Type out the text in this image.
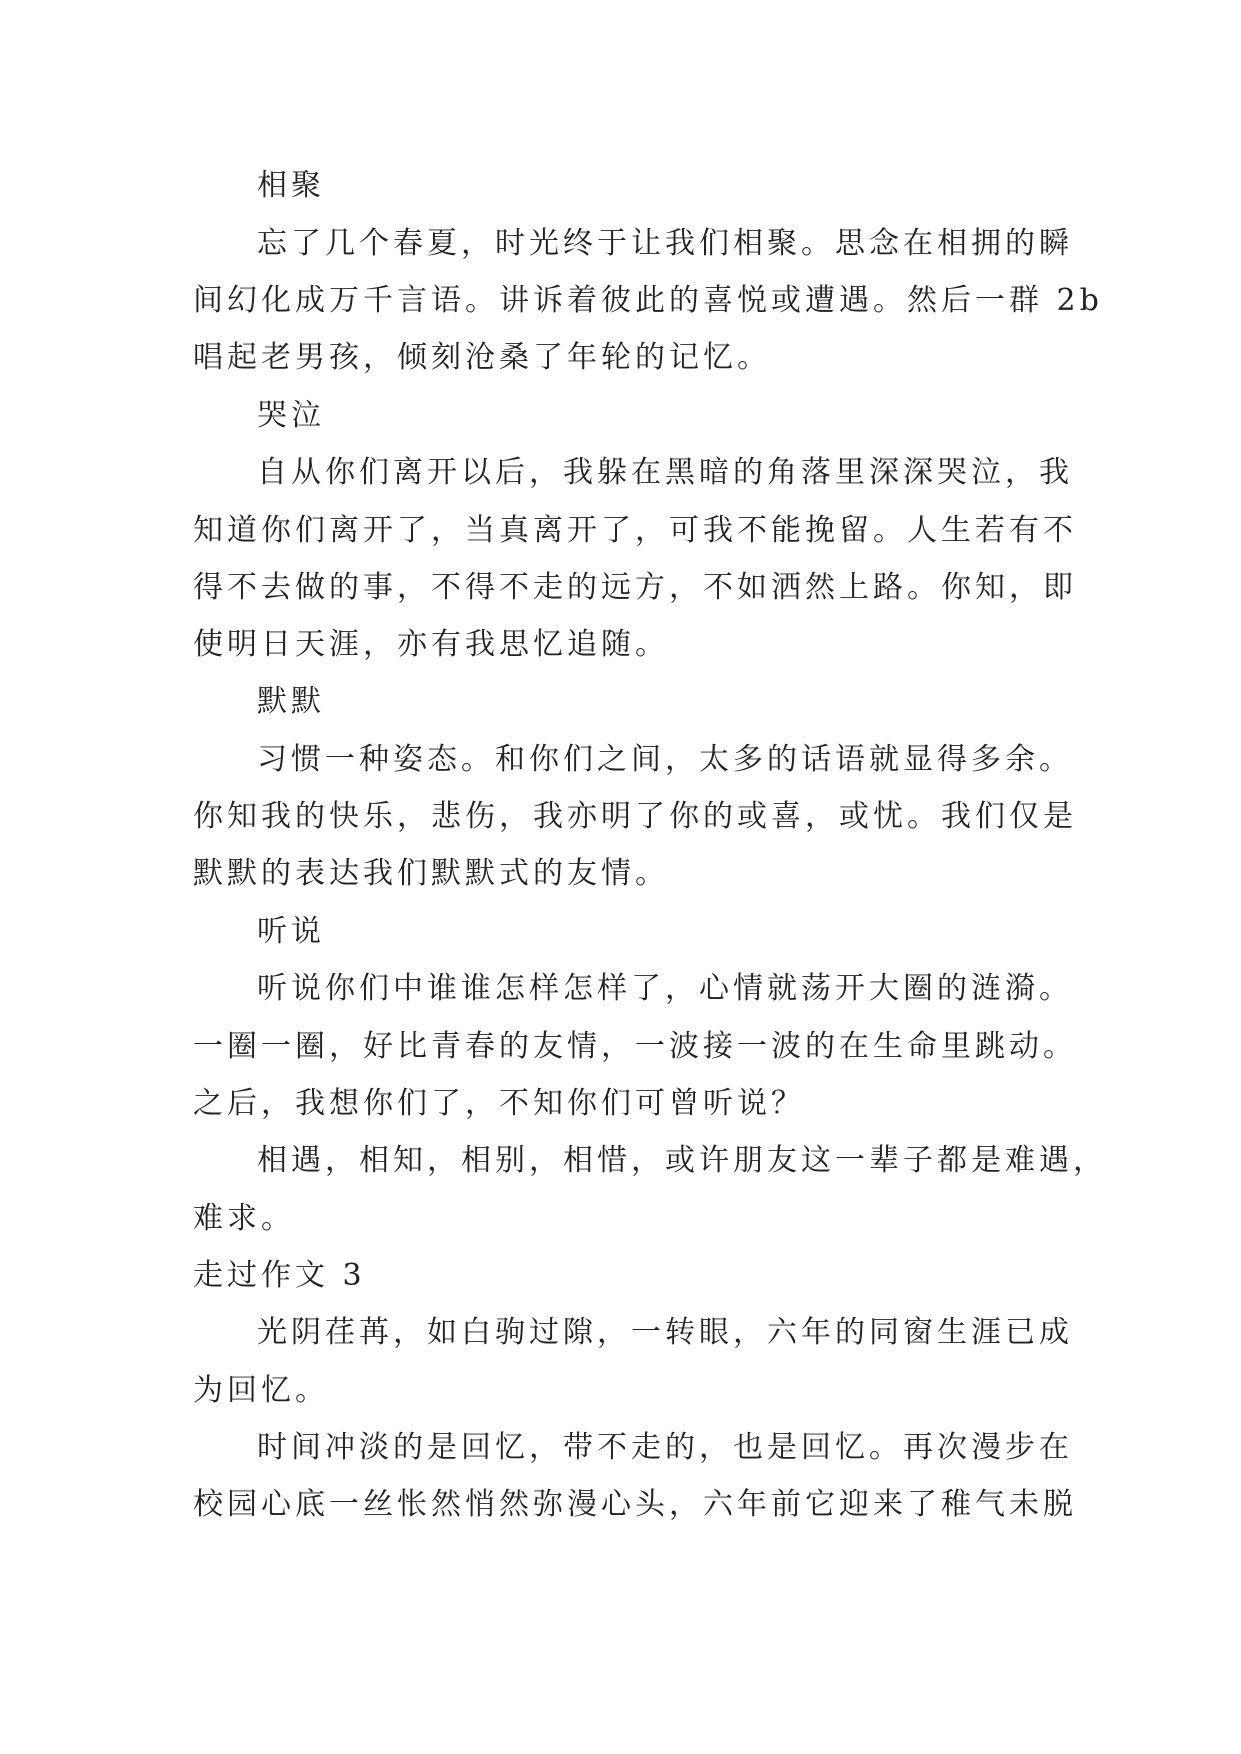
相聚
忘了几个春夏，时光终于让我们相聚。思念在相拥的瞬
间幻化成万千言语。讲诉着彼此的喜悦或遭遇。然后一群 2b
唱起老男孩，倾刻沧桑了年轮的记忆。
哭泣
自从你们离开以后，我躲在黑暗的角落里深深哭泣，我
知道你们离开了，当真离开了，可我不能挽留。人生若有不
得不去做的事，不得不走的远方，不如洒然上路。你知，即
使明日天涯，亦有我思忆追随。
默默
习惯一种姿态。和你们之间，太多的话语就显得多余。
你知我的快乐，悲伤，我亦明了你的或喜，或忧。我们仅是
默默的表达我们默默式的友情。
听说
听说你们中谁谁怎样怎样了，心情就荡开大圈的涟漪。
一圈一圈，好比青春的友情，一波接一波的在生命里跳动。
之后，我想你们了，不知你们可曾听说？
相遇，相知，相别，相惜，或许朋友这一辈子都是难遇，
难求。
走过作文 3
光阴荏苒，如白驹过隙，一转眼，六年的同窗生涯已成
为回忆。
时间冲淡的是回忆，带不走的，也是回忆。再次漫步在
校园心底一丝怅然悄然弥漫心头，六年前它迎来了稚气未脱
